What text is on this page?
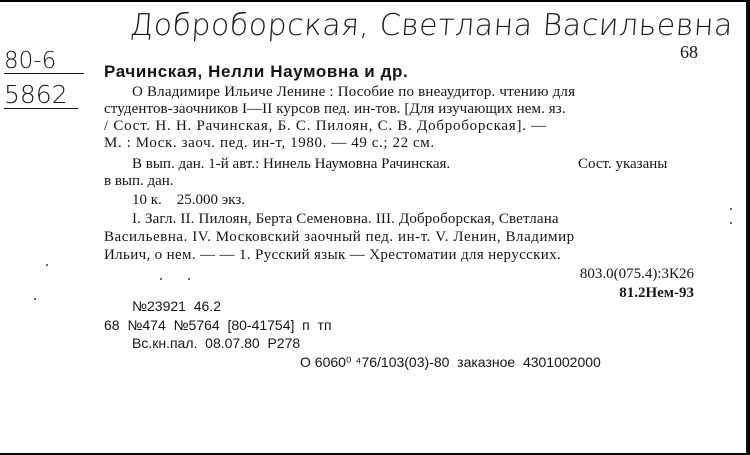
Доброборская, Светлана Васильевна
80-6
5862
68
Рачинская, Нелли Наумовна и др.
О Владимире Ильиче Ленине : Пособие по внеаудитор. чтению для
студентов-заочников I—II курсов пед. ин-тов. [Для изучающих нем. яз.
/ Сост. Н. Н. Рачинская, Б. С. Пилоян, С. В. Доброборская]. —
М. : Моск. заоч. пед. ин-т, 1980. — 49 с.; 22 см.
В вып. дан. 1-й авт.: Нинель Наумовна Рачинская.	Сост. указаны
в вып. дан.
10 к.    25.000 экз.
I. Загл. II. Пилоян, Берта Семеновна. III. Доброборская, Светлана
Васильевна. IV. Московский заочный пед. ин-т. V. Ленин, Владимир
Ильич, о нем. — — 1. Русский язык — Хрестоматии для нерусских.
803.0(075.4):3К26
81.2Нем-93
№23921  46.2
68  №474  №5764  [80-41754]  п  тп
Вс.кн.пал.  08.07.80  Р278
О 6060⁰ ⁴76/103(03)-80  заказное  4301002000
